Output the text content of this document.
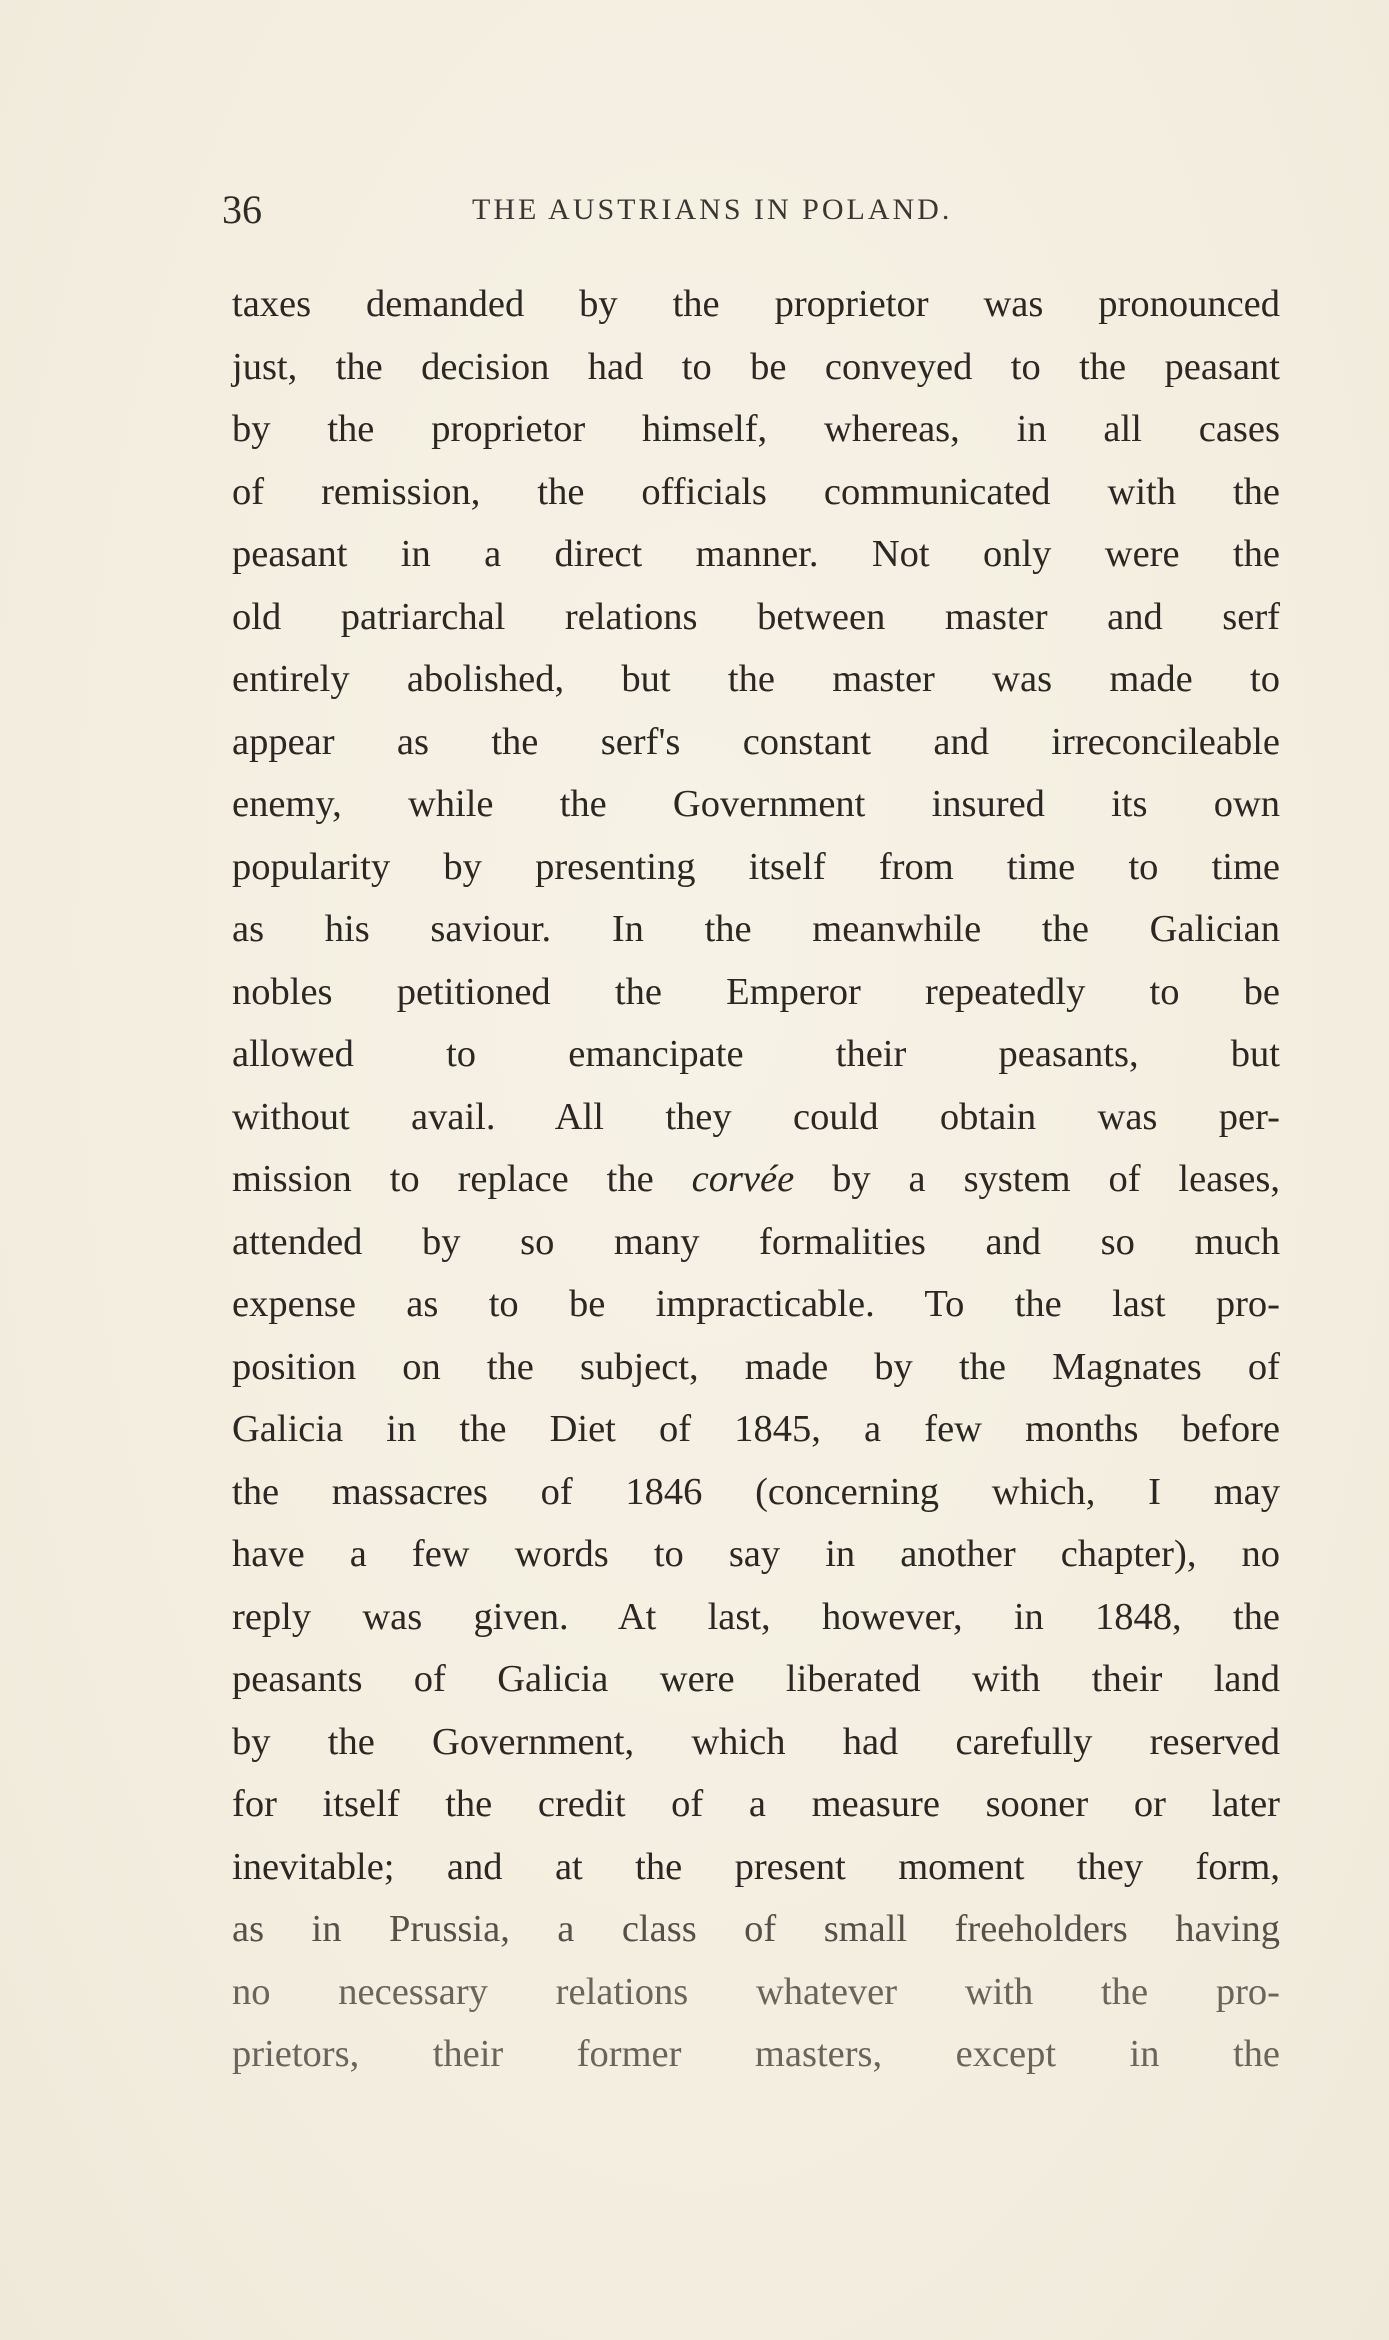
36	THE AUSTRIANS IN POLAND.
taxes demanded by the proprietor was pronounced
just, the decision had to be conveyed to the peasant
by the proprietor himself, whereas, in all cases
of remission, the officials communicated with the
peasant in a direct manner. Not only were the
old patriarchal relations between master and serf
entirely abolished, but the master was made to
appear as the serf's constant and irreconcileable
enemy, while the Government insured its own
popularity by presenting itself from time to time
as his saviour. In the meanwhile the Galician
nobles petitioned the Emperor repeatedly to be
allowed to emancipate their peasants, but
without avail. All they could obtain was per-
mission to replace the corvée by a system of leases,
attended by so many formalities and so much
expense as to be impracticable. To the last pro-
position on the subject, made by the Magnates of
Galicia in the Diet of 1845, a few months before
the massacres of 1846 (concerning which, I may
have a few words to say in another chapter), no
reply was given. At last, however, in 1848, the
peasants of Galicia were liberated with their land
by the Government, which had carefully reserved
for itself the credit of a measure sooner or later
inevitable; and at the present moment they form,
as in Prussia, a class of small freeholders having
no necessary relations whatever with the pro-
prietors, their former masters, except in the
